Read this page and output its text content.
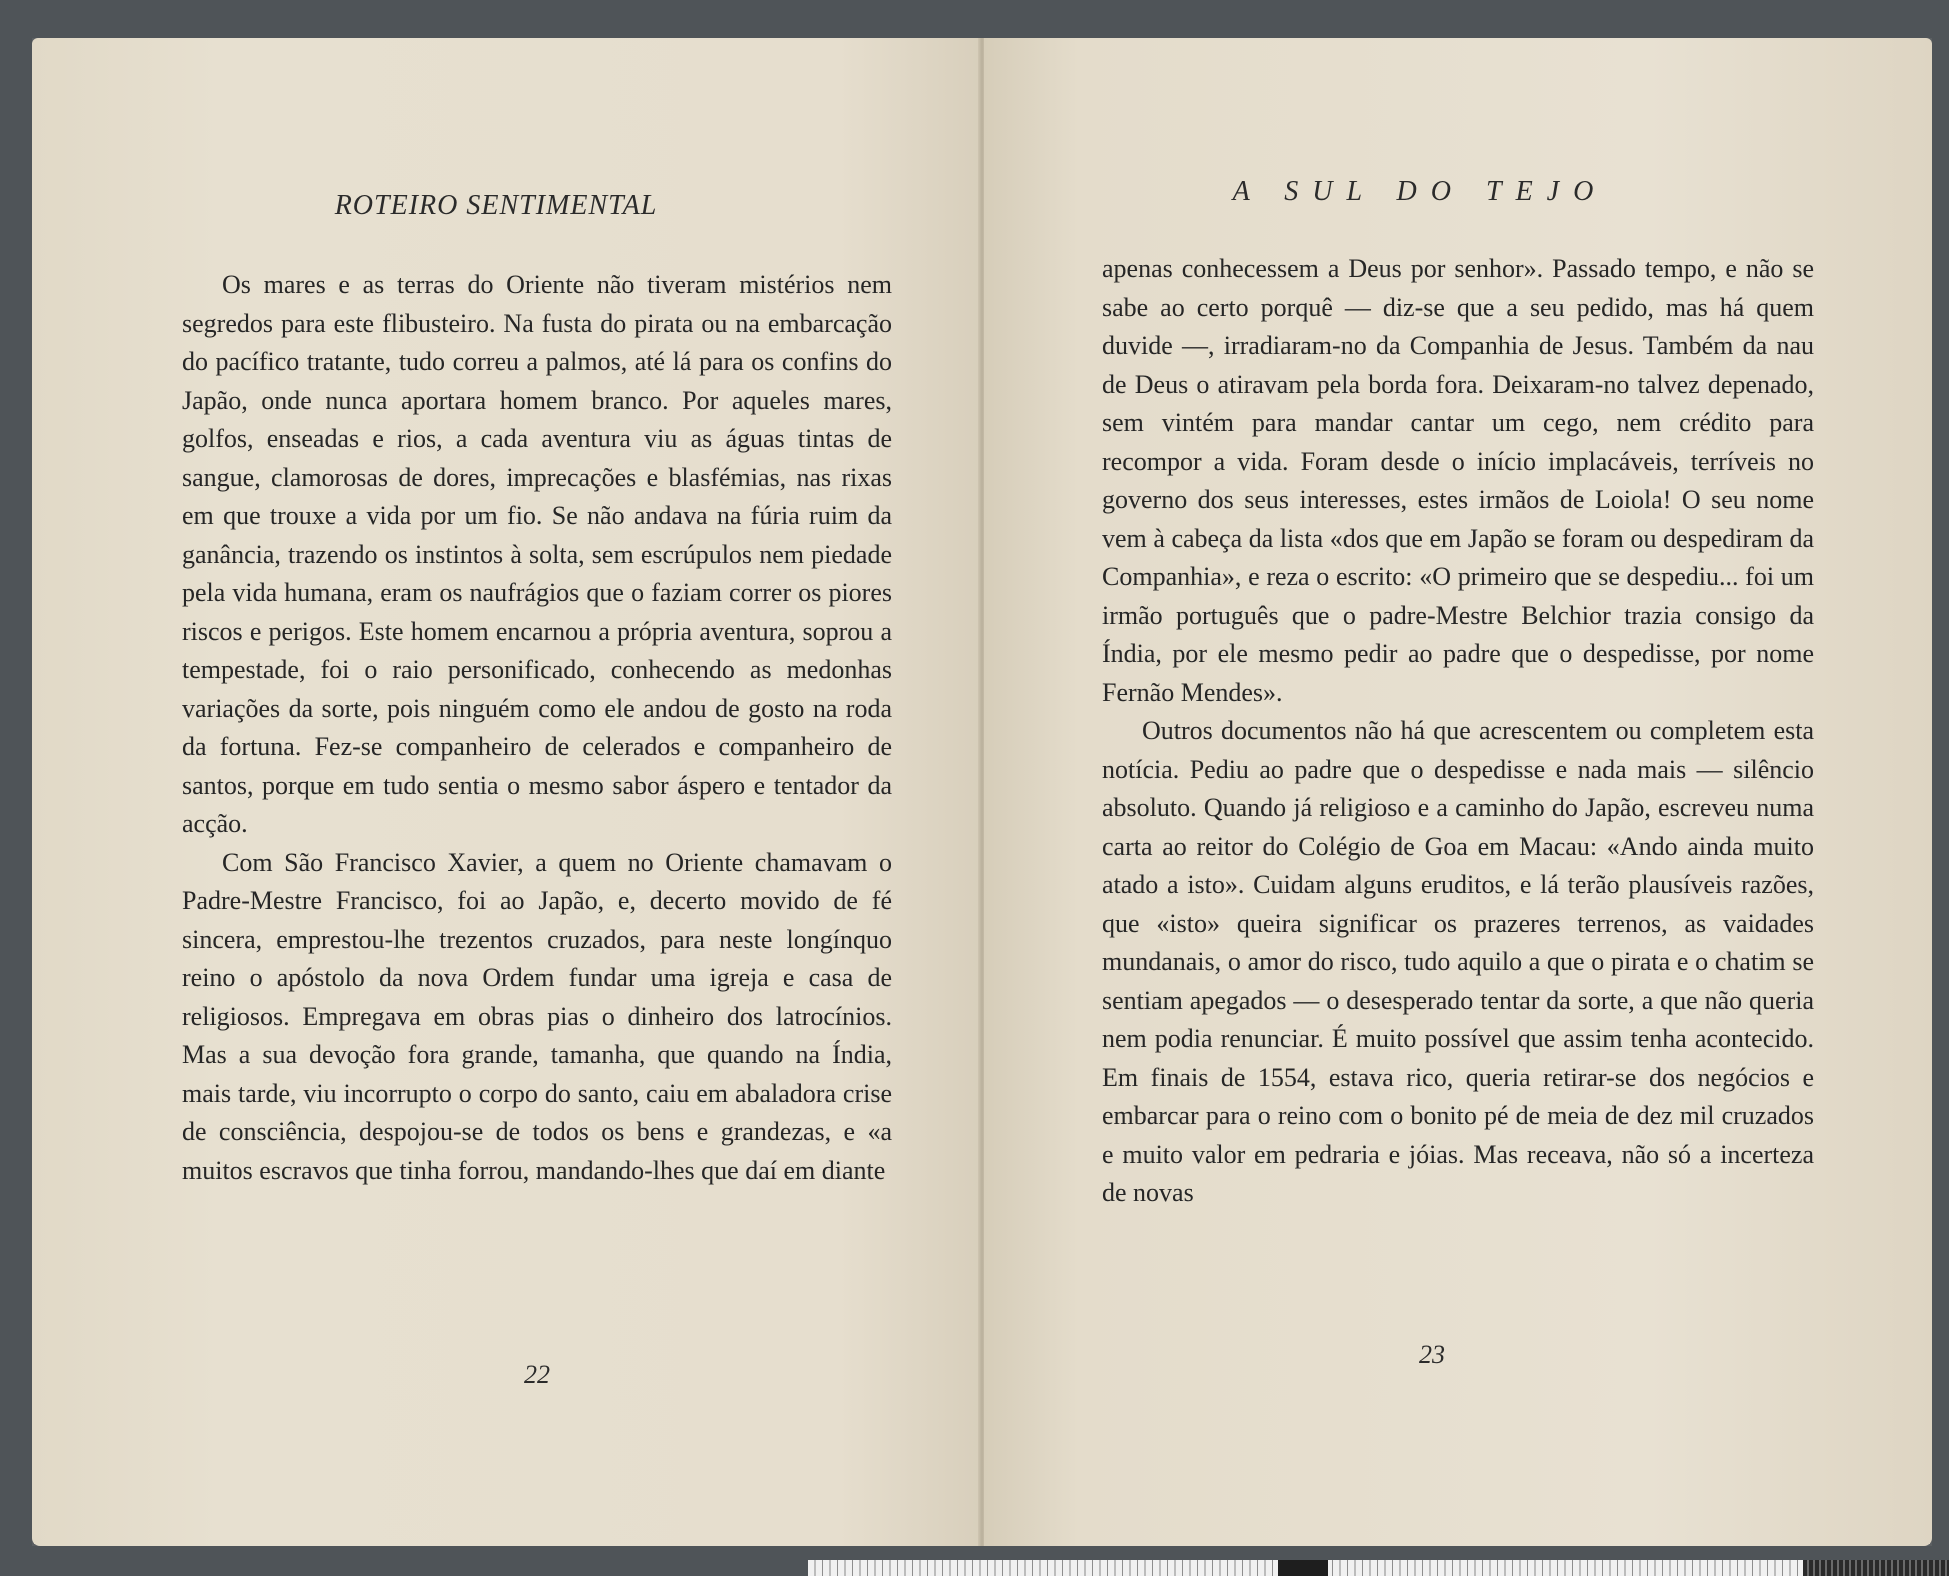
ROTEIRO SENTIMENTAL

Os mares e as terras do Oriente não tiveram mistérios nem segredos para este flibusteiro. Na fusta do pirata ou na embarcação do pacífico tratante, tudo correu a palmos, até lá para os confins do Japão, onde nunca aportara homem branco. Por aqueles mares, golfos, enseadas e rios, a cada aventura viu as águas tintas de sangue, clamorosas de dores, imprecações e blasfémias, nas rixas em que trouxe a vida por um fio. Se não andava na fúria ruim da ganância, trazendo os instintos à solta, sem escrúpulos nem piedade pela vida humana, eram os naufrágios que o faziam correr os piores riscos e perigos. Este homem encarnou a própria aventura, soprou a tempestade, foi o raio personificado, conhecendo as medonhas variações da sorte, pois ninguém como ele andou de gosto na roda da fortuna. Fez-se companheiro de celerados e companheiro de santos, porque em tudo sentia o mesmo sabor áspero e tentador da acção.

Com São Francisco Xavier, a quem no Oriente chamavam o Padre-Mestre Francisco, foi ao Japão, e, decerto movido de fé sincera, emprestou-lhe trezentos cruzados, para neste longínquo reino o apóstolo da nova Ordem fundar uma igreja e casa de religiosos. Empregava em obras pias o dinheiro dos latrocínios. Mas a sua devoção fora grande, tamanha, que quando na Índia, mais tarde, viu incorrupto o corpo do santo, caiu em abaladora crise de consciência, despojou-se de todos os bens e grandezas, e «a muitos escravos que tinha forrou, mandando-lhes que daí em diante

22
A SUL DO TEJO

apenas conhecessem a Deus por senhor». Passado tempo, e não se sabe ao certo porquê — diz-se que a seu pedido, mas há quem duvide —, irradiaram-no da Companhia de Jesus. Também da nau de Deus o atiravam pela borda fora. Deixaram-no talvez depenado, sem vintém para mandar cantar um cego, nem crédito para recompor a vida. Foram desde o início implacáveis, terríveis no governo dos seus interesses, estes irmãos de Loiola! O seu nome vem à cabeça da lista «dos que em Japão se foram ou despediram da Companhia», e reza o escrito: «O primeiro que se despediu... foi um irmão português que o padre-Mestre Belchior trazia consigo da Índia, por ele mesmo pedir ao padre que o despedisse, por nome Fernão Mendes».

Outros documentos não há que acrescentem ou completem esta notícia. Pediu ao padre que o despedisse e nada mais — silêncio absoluto. Quando já religioso e a caminho do Japão, escreveu numa carta ao reitor do Colégio de Goa em Macau: «Ando ainda muito atado a isto». Cuidam alguns eruditos, e lá terão plausíveis razões, que «isto» queira significar os prazeres terrenos, as vaidades mundanais, o amor do risco, tudo aquilo a que o pirata e o chatim se sentiam apegados — o desesperado tentar da sorte, a que não queria nem podia renunciar. É muito possível que assim tenha acontecido. Em finais de 1554, estava rico, queria retirar-se dos negócios e embarcar para o reino com o bonito pé de meia de dez mil cruzados e muito valor em pedraria e jóias. Mas receava, não só a incerteza de novas

23
